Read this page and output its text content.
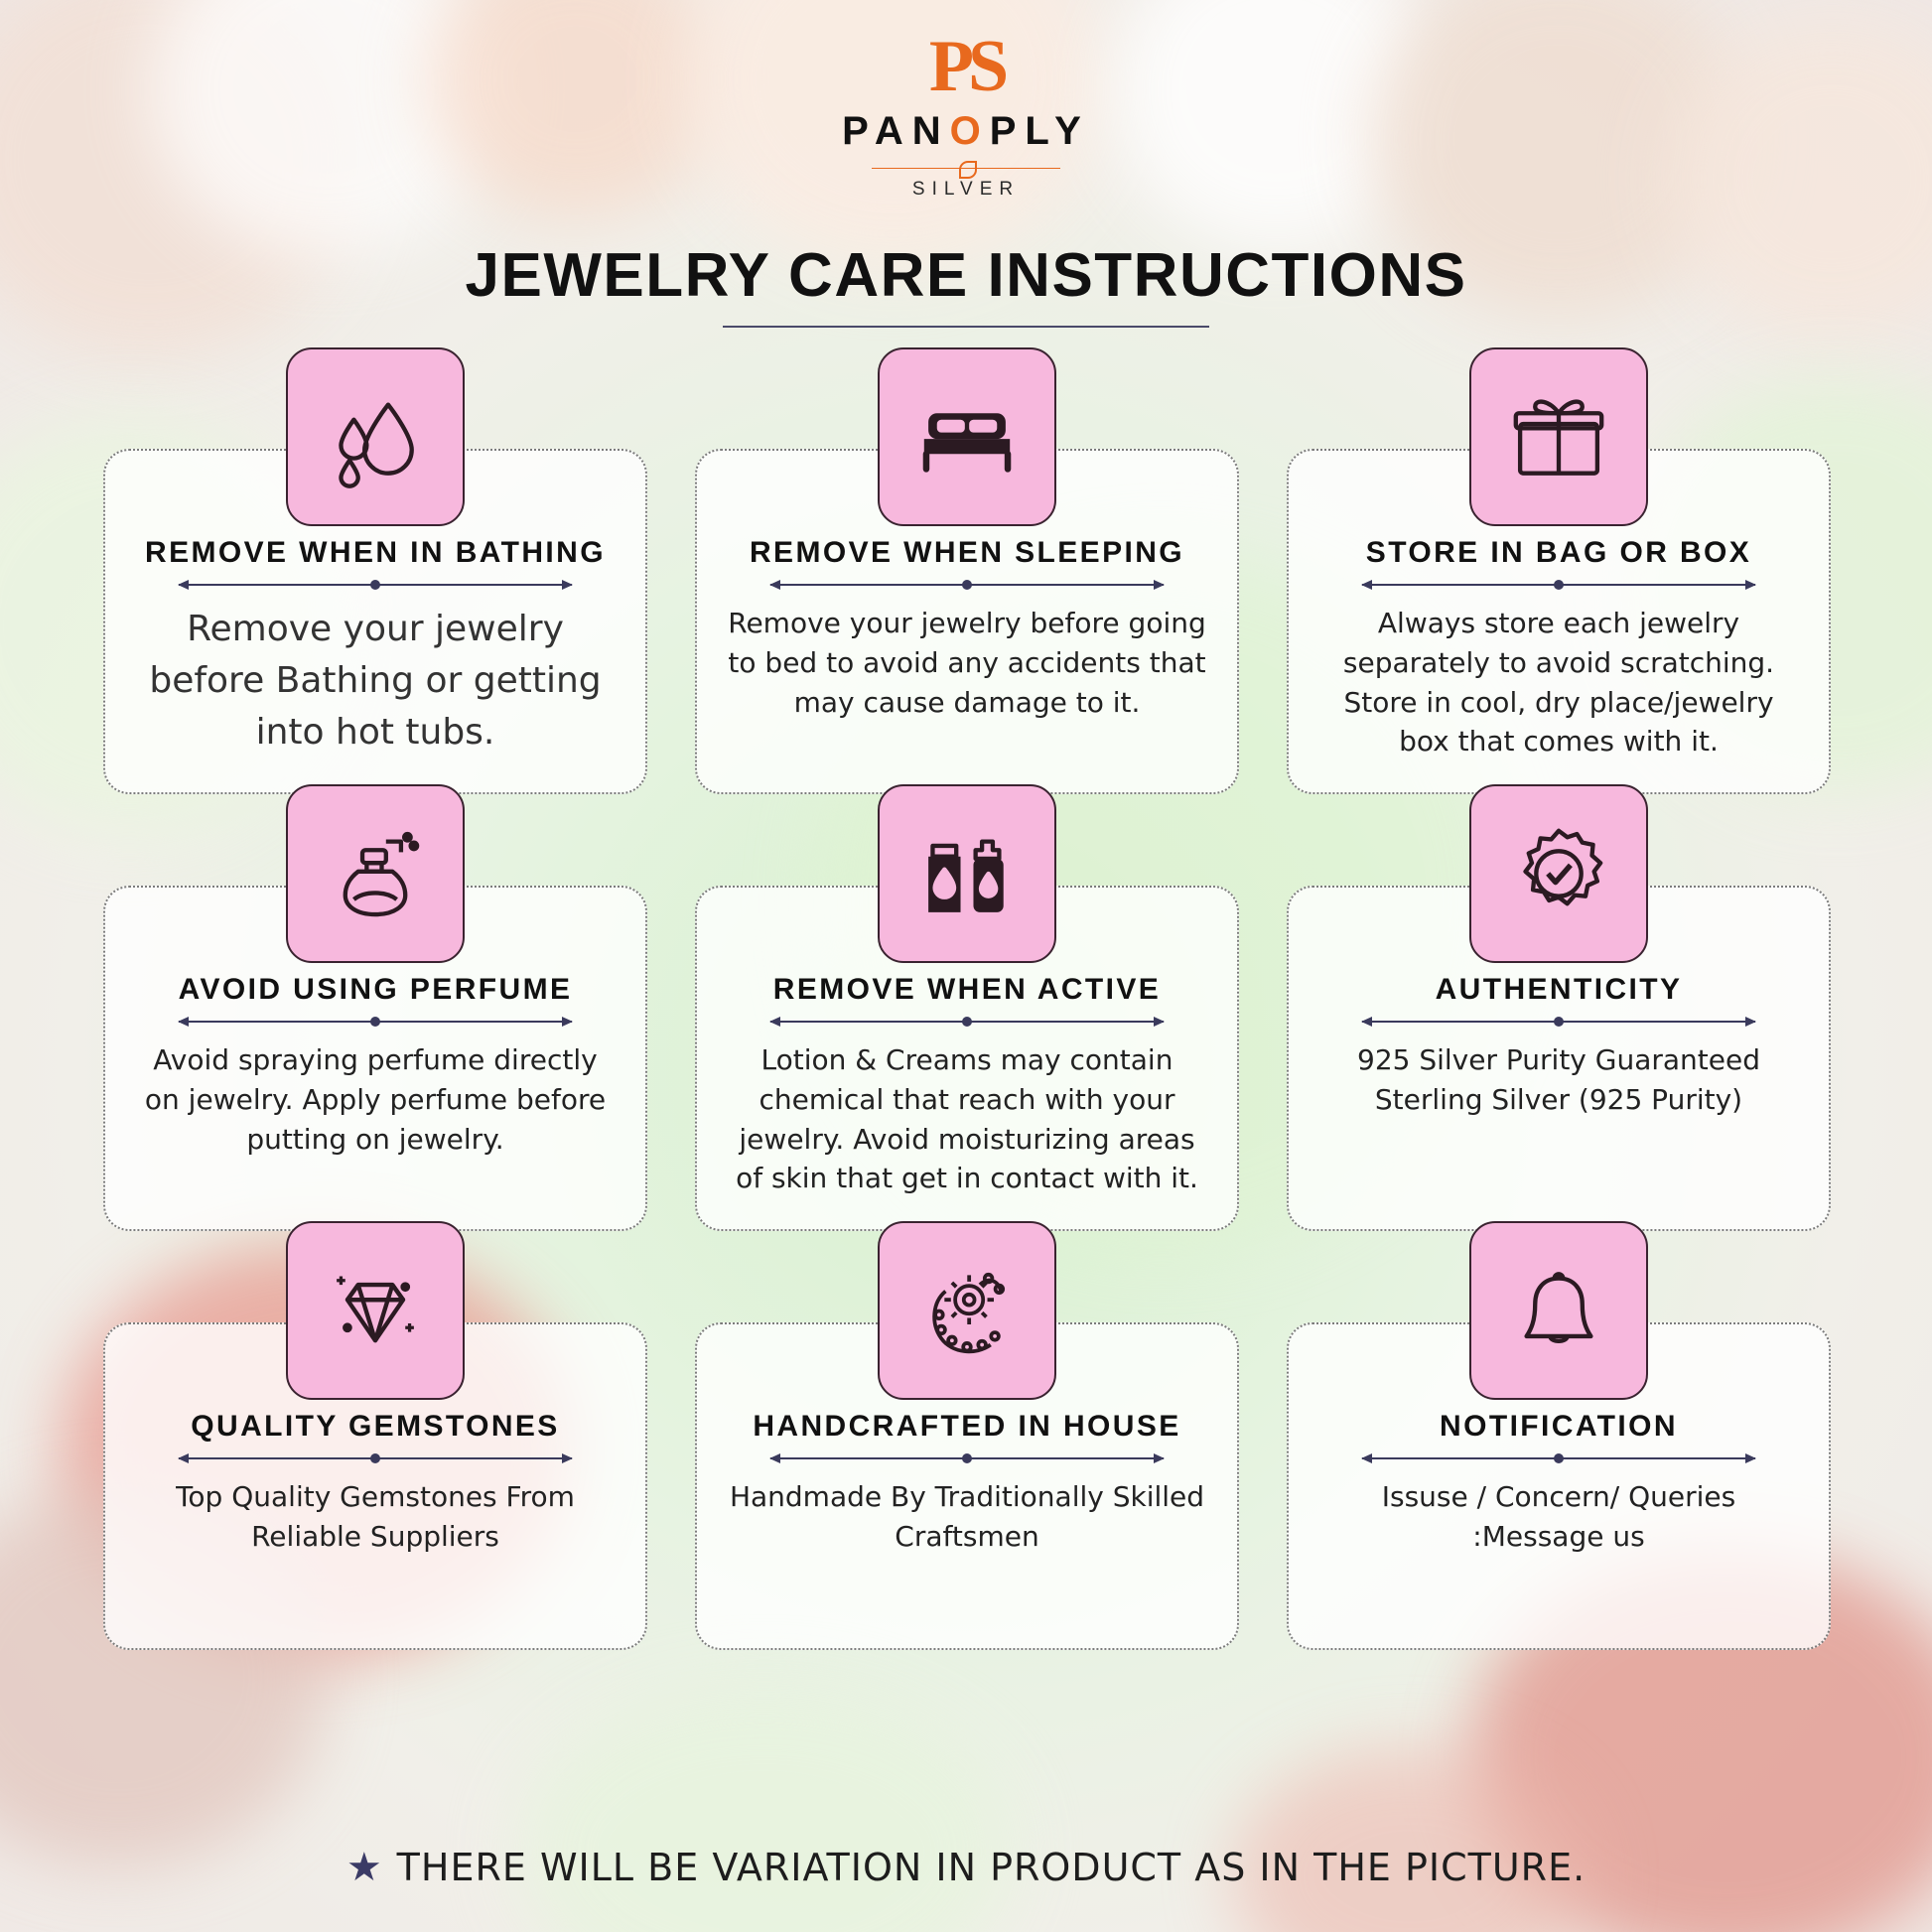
PS
PANOPLY
SILVER
JEWELRY CARE INSTRUCTIONS
REMOVE WHEN IN BATHING
Remove your jewelry before Bathing or getting into hot tubs.
REMOVE WHEN SLEEPING
Remove your jewelry before going to bed to avoid any accidents that may cause damage to it.
STORE IN BAG OR BOX
Always store each jewelry separately to avoid scratching. Store in cool, dry place/jewelry box that comes with it.
AVOID USING PERFUME
Avoid spraying perfume directly on jewelry. Apply perfume before putting on jewelry.
REMOVE WHEN ACTIVE
Lotion & Creams may contain chemical that reach with your jewelry. Avoid moisturizing areas of skin that get in contact with it.
AUTHENTICITY
925 Silver Purity Guaranteed Sterling Silver (925 Purity)
QUALITY GEMSTONES
Top Quality Gemstones From Reliable Suppliers
HANDCRAFTED IN HOUSE
Handmade By Traditionally Skilled Craftsmen
NOTIFICATION
Issuse / Concern/ Queries :Message us
★ THERE WILL BE VARIATION IN PRODUCT AS IN THE PICTURE.
